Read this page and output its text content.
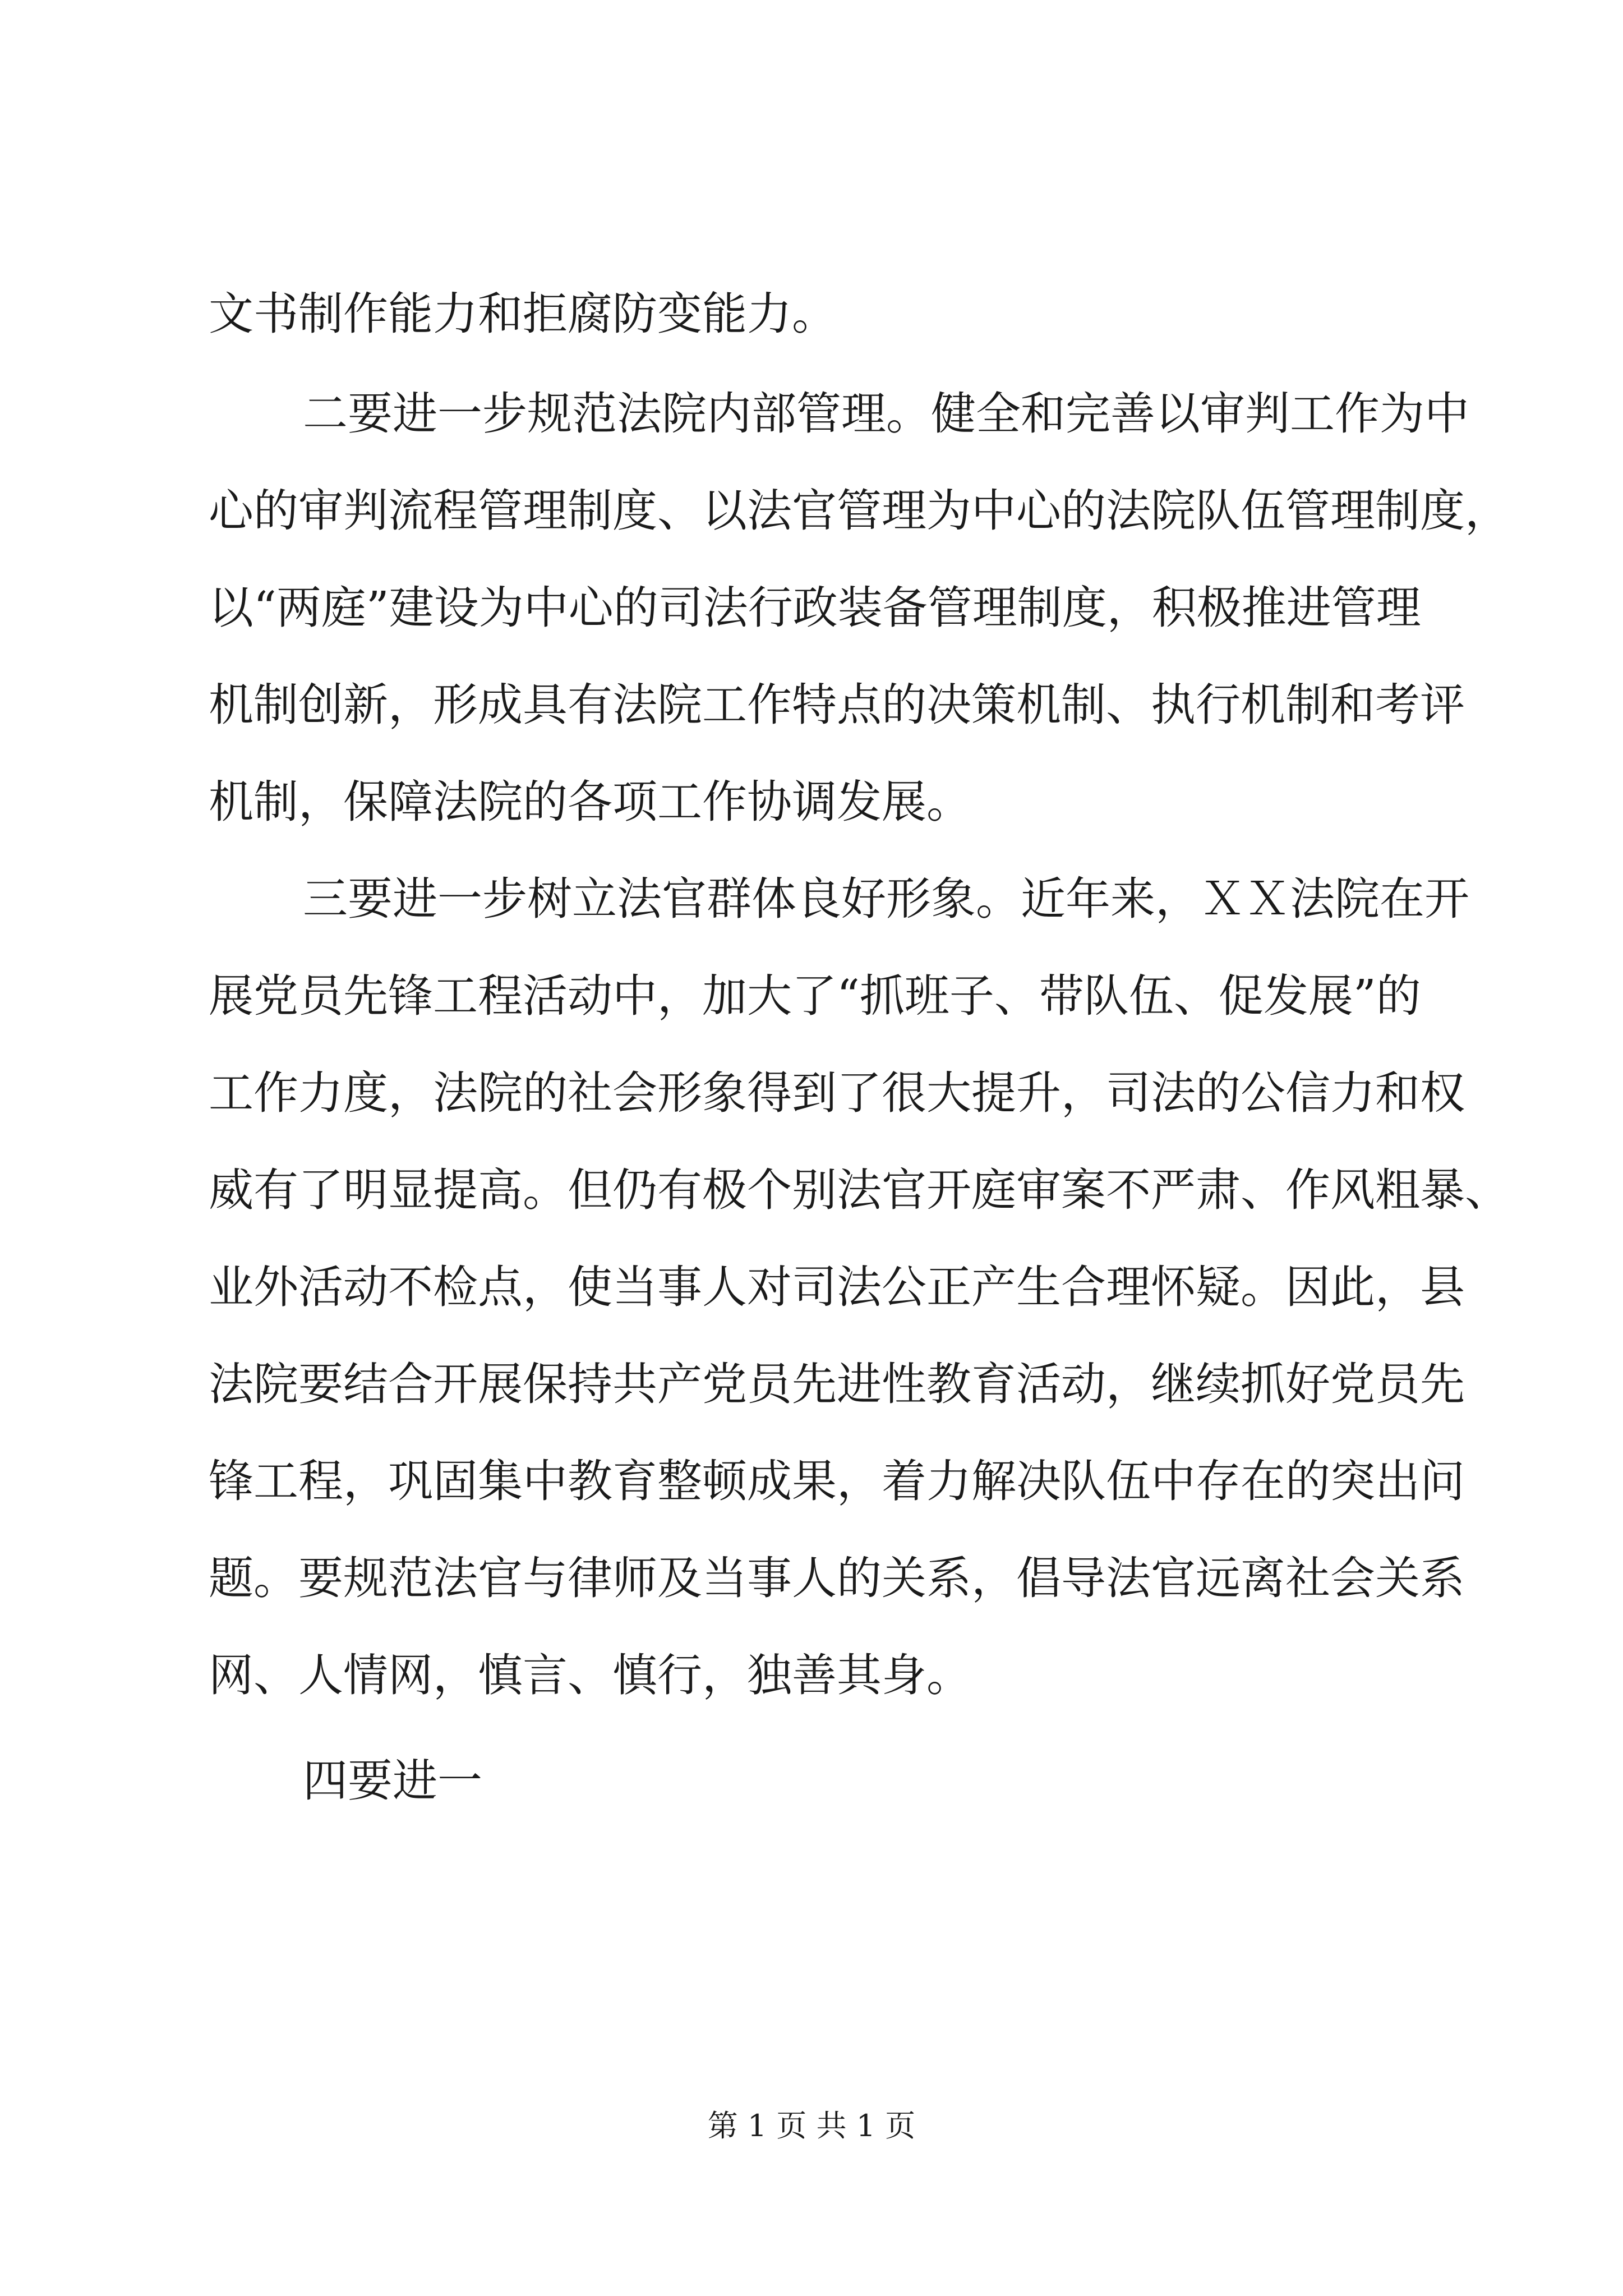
文书制作能力和拒腐防变能力。
二要进一步规范法院内部管理。健全和完善以审判工作为中
心的审判流程管理制度、以法官管理为中心的法院队伍管理制度，
以“两庭”建设为中心的司法行政装备管理制度，积极推进管理
机制创新，形成具有法院工作特点的决策机制、执行机制和考评
机制，保障法院的各项工作协调发展。
三要进一步树立法官群体良好形象。近年来，ＸＸ法院在开
展党员先锋工程活动中，加大了“抓班子、带队伍、促发展”的
工作力度，法院的社会形象得到了很大提升，司法的公信力和权
威有了明显提高。但仍有极个别法官开庭审案不严肃、作风粗暴、
业外活动不检点，使当事人对司法公正产生合理怀疑。因此，县
法院要结合开展保持共产党员先进性教育活动，继续抓好党员先
锋工程，巩固集中教育整顿成果，着力解决队伍中存在的突出问
题。要规范法官与律师及当事人的关系，倡导法官远离社会关系
网、人情网，慎言、慎行，独善其身。
四要进一
第 1 页 共 1 页
